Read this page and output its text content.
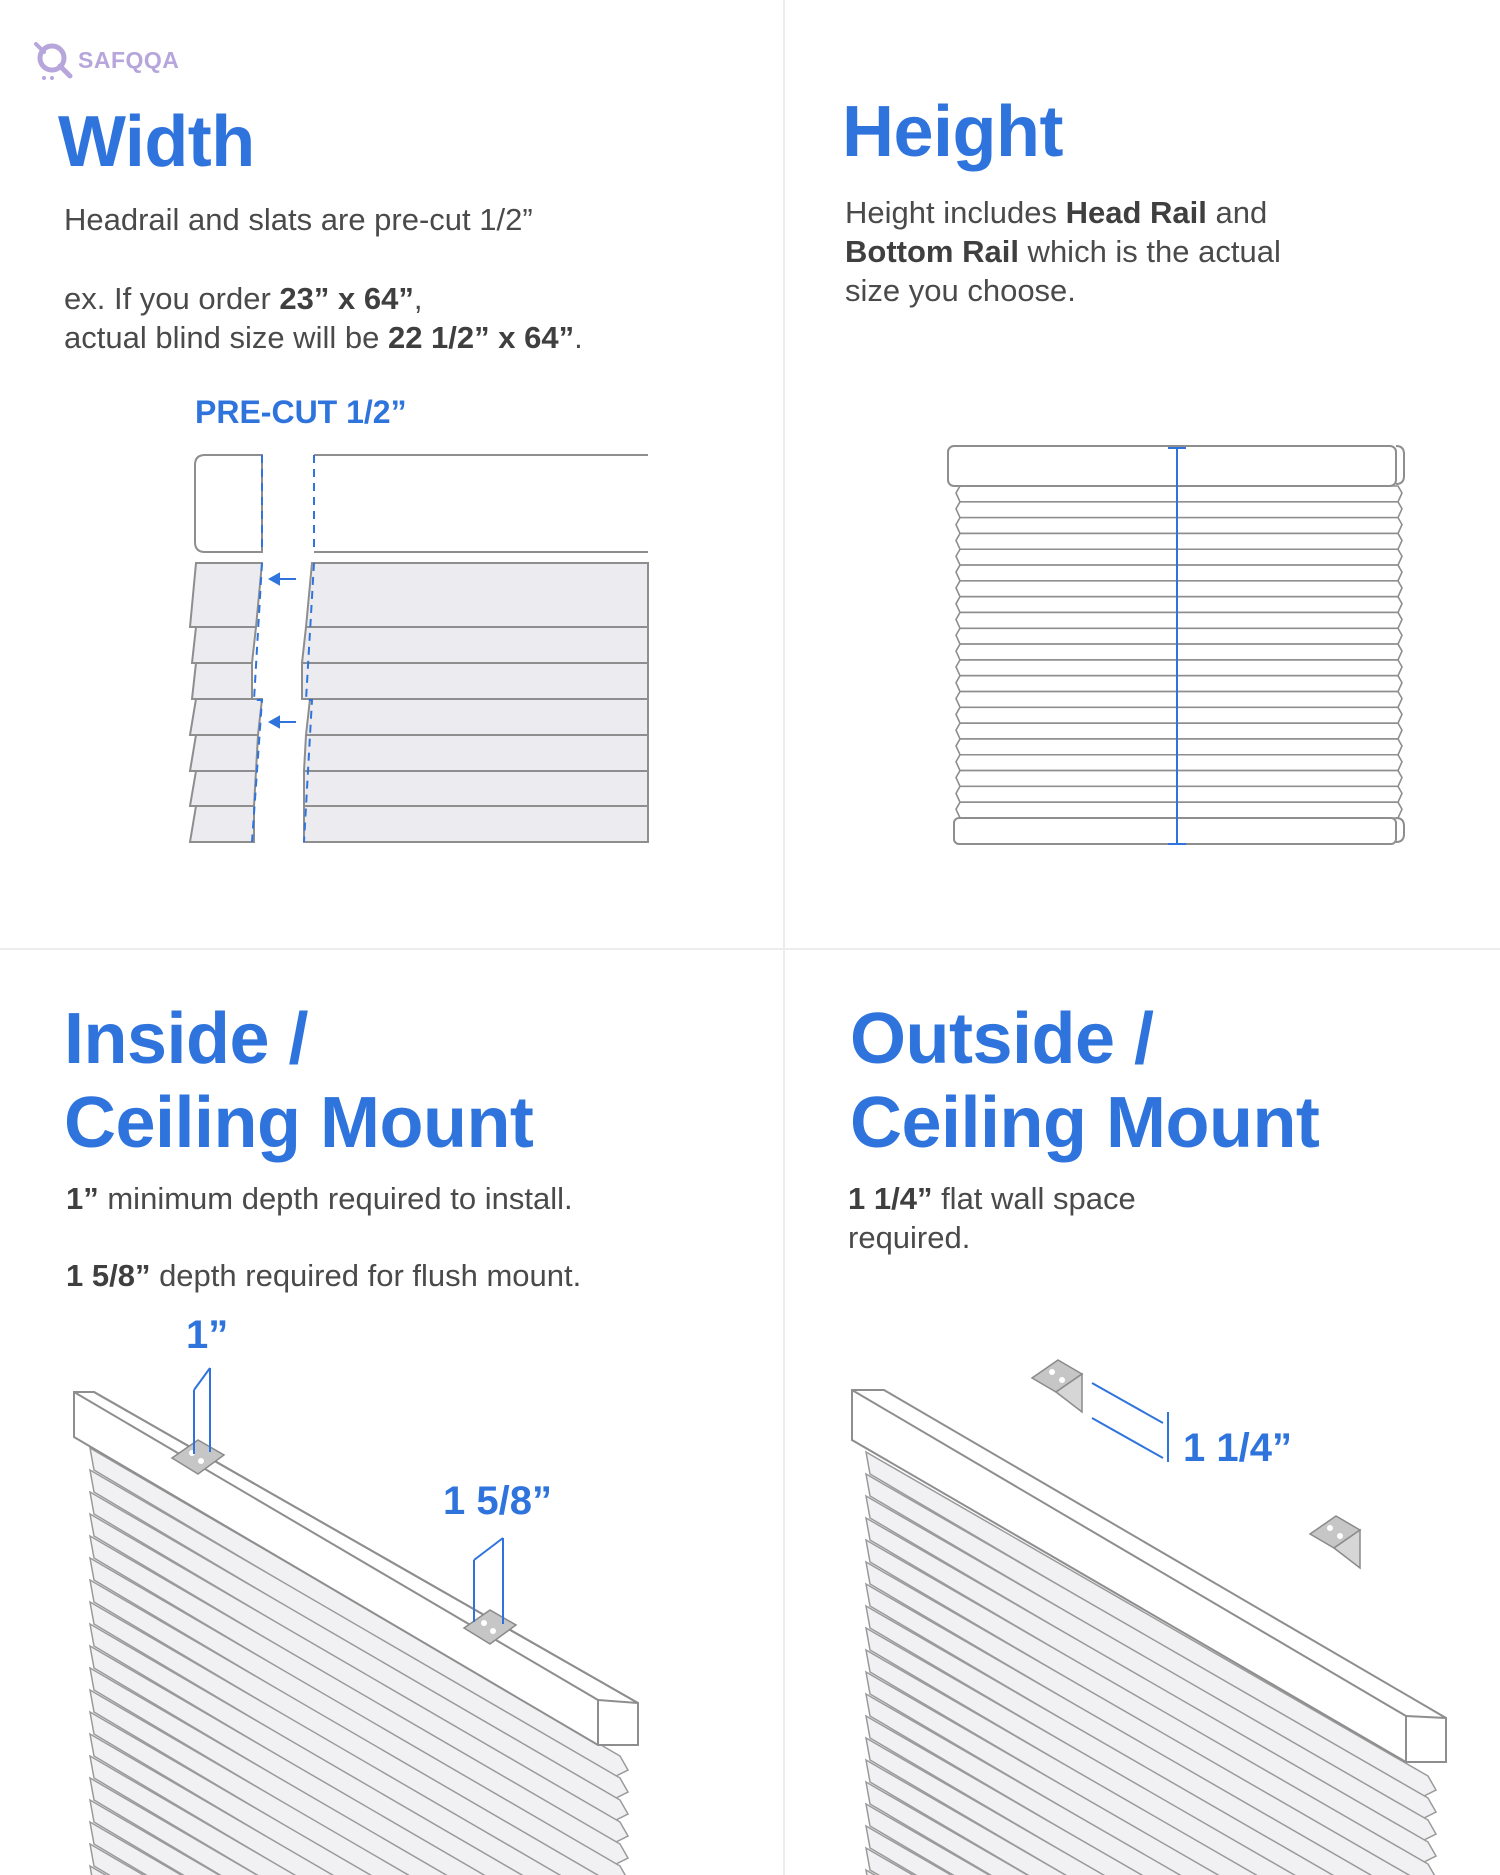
SAFQQA
Width

Headrail and slats are pre-cut 1/2”

ex. If you order 23” x 64”,
actual blind size will be 22 1/2” x 64”.

PRE-CUT 1/2”

Height

Height includes Head Rail and
Bottom Rail which is the actual
size you choose.

Inside /
Ceiling Mount

1” minimum depth required to install.

1 5/8” depth required for flush mount.

1”

1 5/8”

Outside /
Ceiling Mount

1 1/4” flat wall space
required.

1 1/4”
